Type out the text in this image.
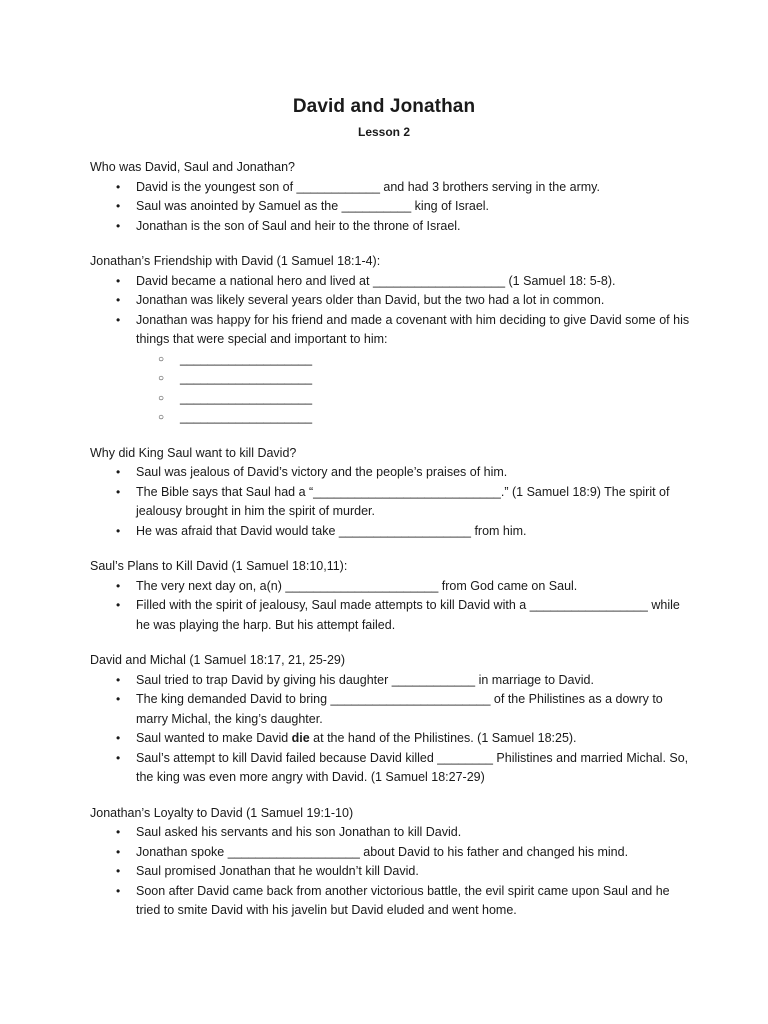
David and Jonathan
Lesson 2

Who was David, Saul and Jonathan?

• David is the youngest son of ____________ and had 3 brothers serving in the army.
• Saul was anointed by Samuel as the __________ king of Israel.
• Jonathan is the son of Saul and heir to the throne of Israel.

Jonathan’s Friendship with David (1 Samuel 18:1-4):

• David became a national hero and lived at ___________________ (1 Samuel 18: 5-8).
• Jonathan was likely several years older than David, but the two had a lot in common.
• Jonathan was happy for his friend and made a covenant with him deciding to give David some of his things that were special and important to him:
○ ___________________
○ ___________________
○ ___________________
○ ___________________

Why did King Saul want to kill David?

• Saul was jealous of David’s victory and the people’s praises of him.
• The Bible says that Saul had a “___________________________.” (1 Samuel 18:9) The spirit of jealousy brought in him the spirit of murder.
• He was afraid that David would take ___________________ from him.

Saul’s Plans to Kill David (1 Samuel 18:10,11):

• The very next day on, a(n) ______________________ from God came on Saul.
• Filled with the spirit of jealousy, Saul made attempts to kill David with a _________________ while he was playing the harp. But his attempt failed.

David and Michal (1 Samuel 18:17, 21, 25-29)

• Saul tried to trap David by giving his daughter ____________ in marriage to David.
• The king demanded David to bring _______________________ of the Philistines as a dowry to marry Michal, the king’s daughter.
• Saul wanted to make David die at the hand of the Philistines. (1 Samuel 18:25).
• Saul’s attempt to kill David failed because David killed ________ Philistines and married Michal. So, the king was even more angry with David. (1 Samuel 18:27-29)

Jonathan’s Loyalty to David (1 Samuel 19:1-10)

• Saul asked his servants and his son Jonathan to kill David.
• Jonathan spoke ___________________ about David to his father and changed his mind.
• Saul promised Jonathan that he wouldn’t kill David.
• Soon after David came back from another victorious battle, the evil spirit came upon Saul and he tried to smite David with his javelin but David eluded and went home.
